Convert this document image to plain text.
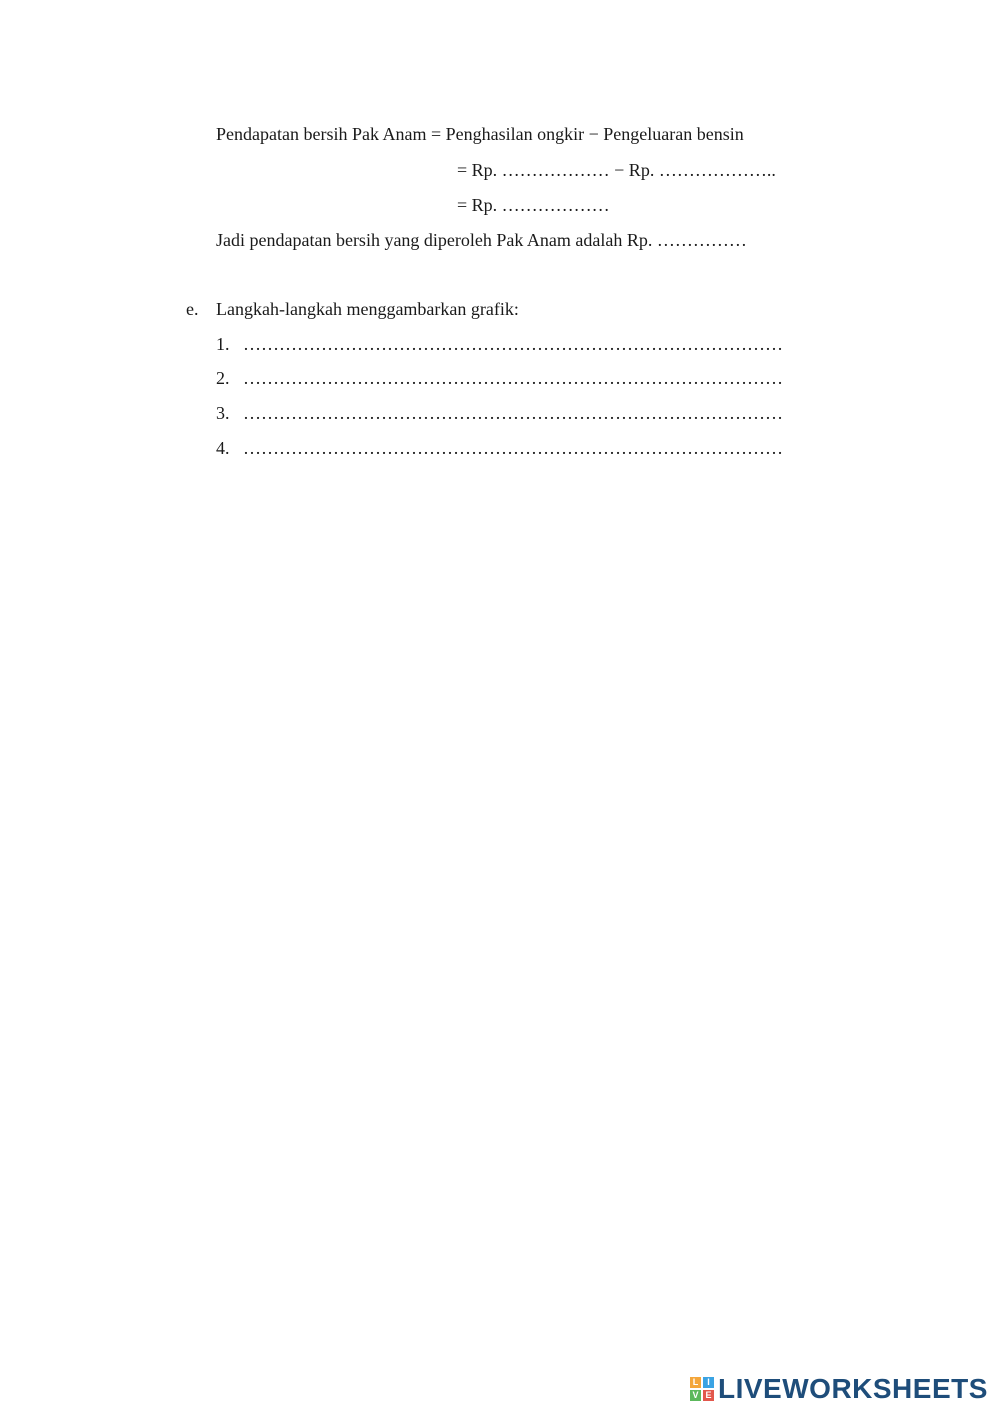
Pendapatan bersih Pak Anam = Penghasilan ongkir − Pengeluaran bensin
= Rp. ……………… − Rp. ………………..
= Rp. ………………
Jadi pendapatan bersih yang diperoleh Pak Anam adalah Rp. ……………
e. Langkah-langkah menggambarkan grafik:
1. ………………………………………………………………………………
2. ………………………………………………………………………………
3. ………………………………………………………………………………
4. ………………………………………………………………………………
L I
V E LIVEWORKSHEETS
